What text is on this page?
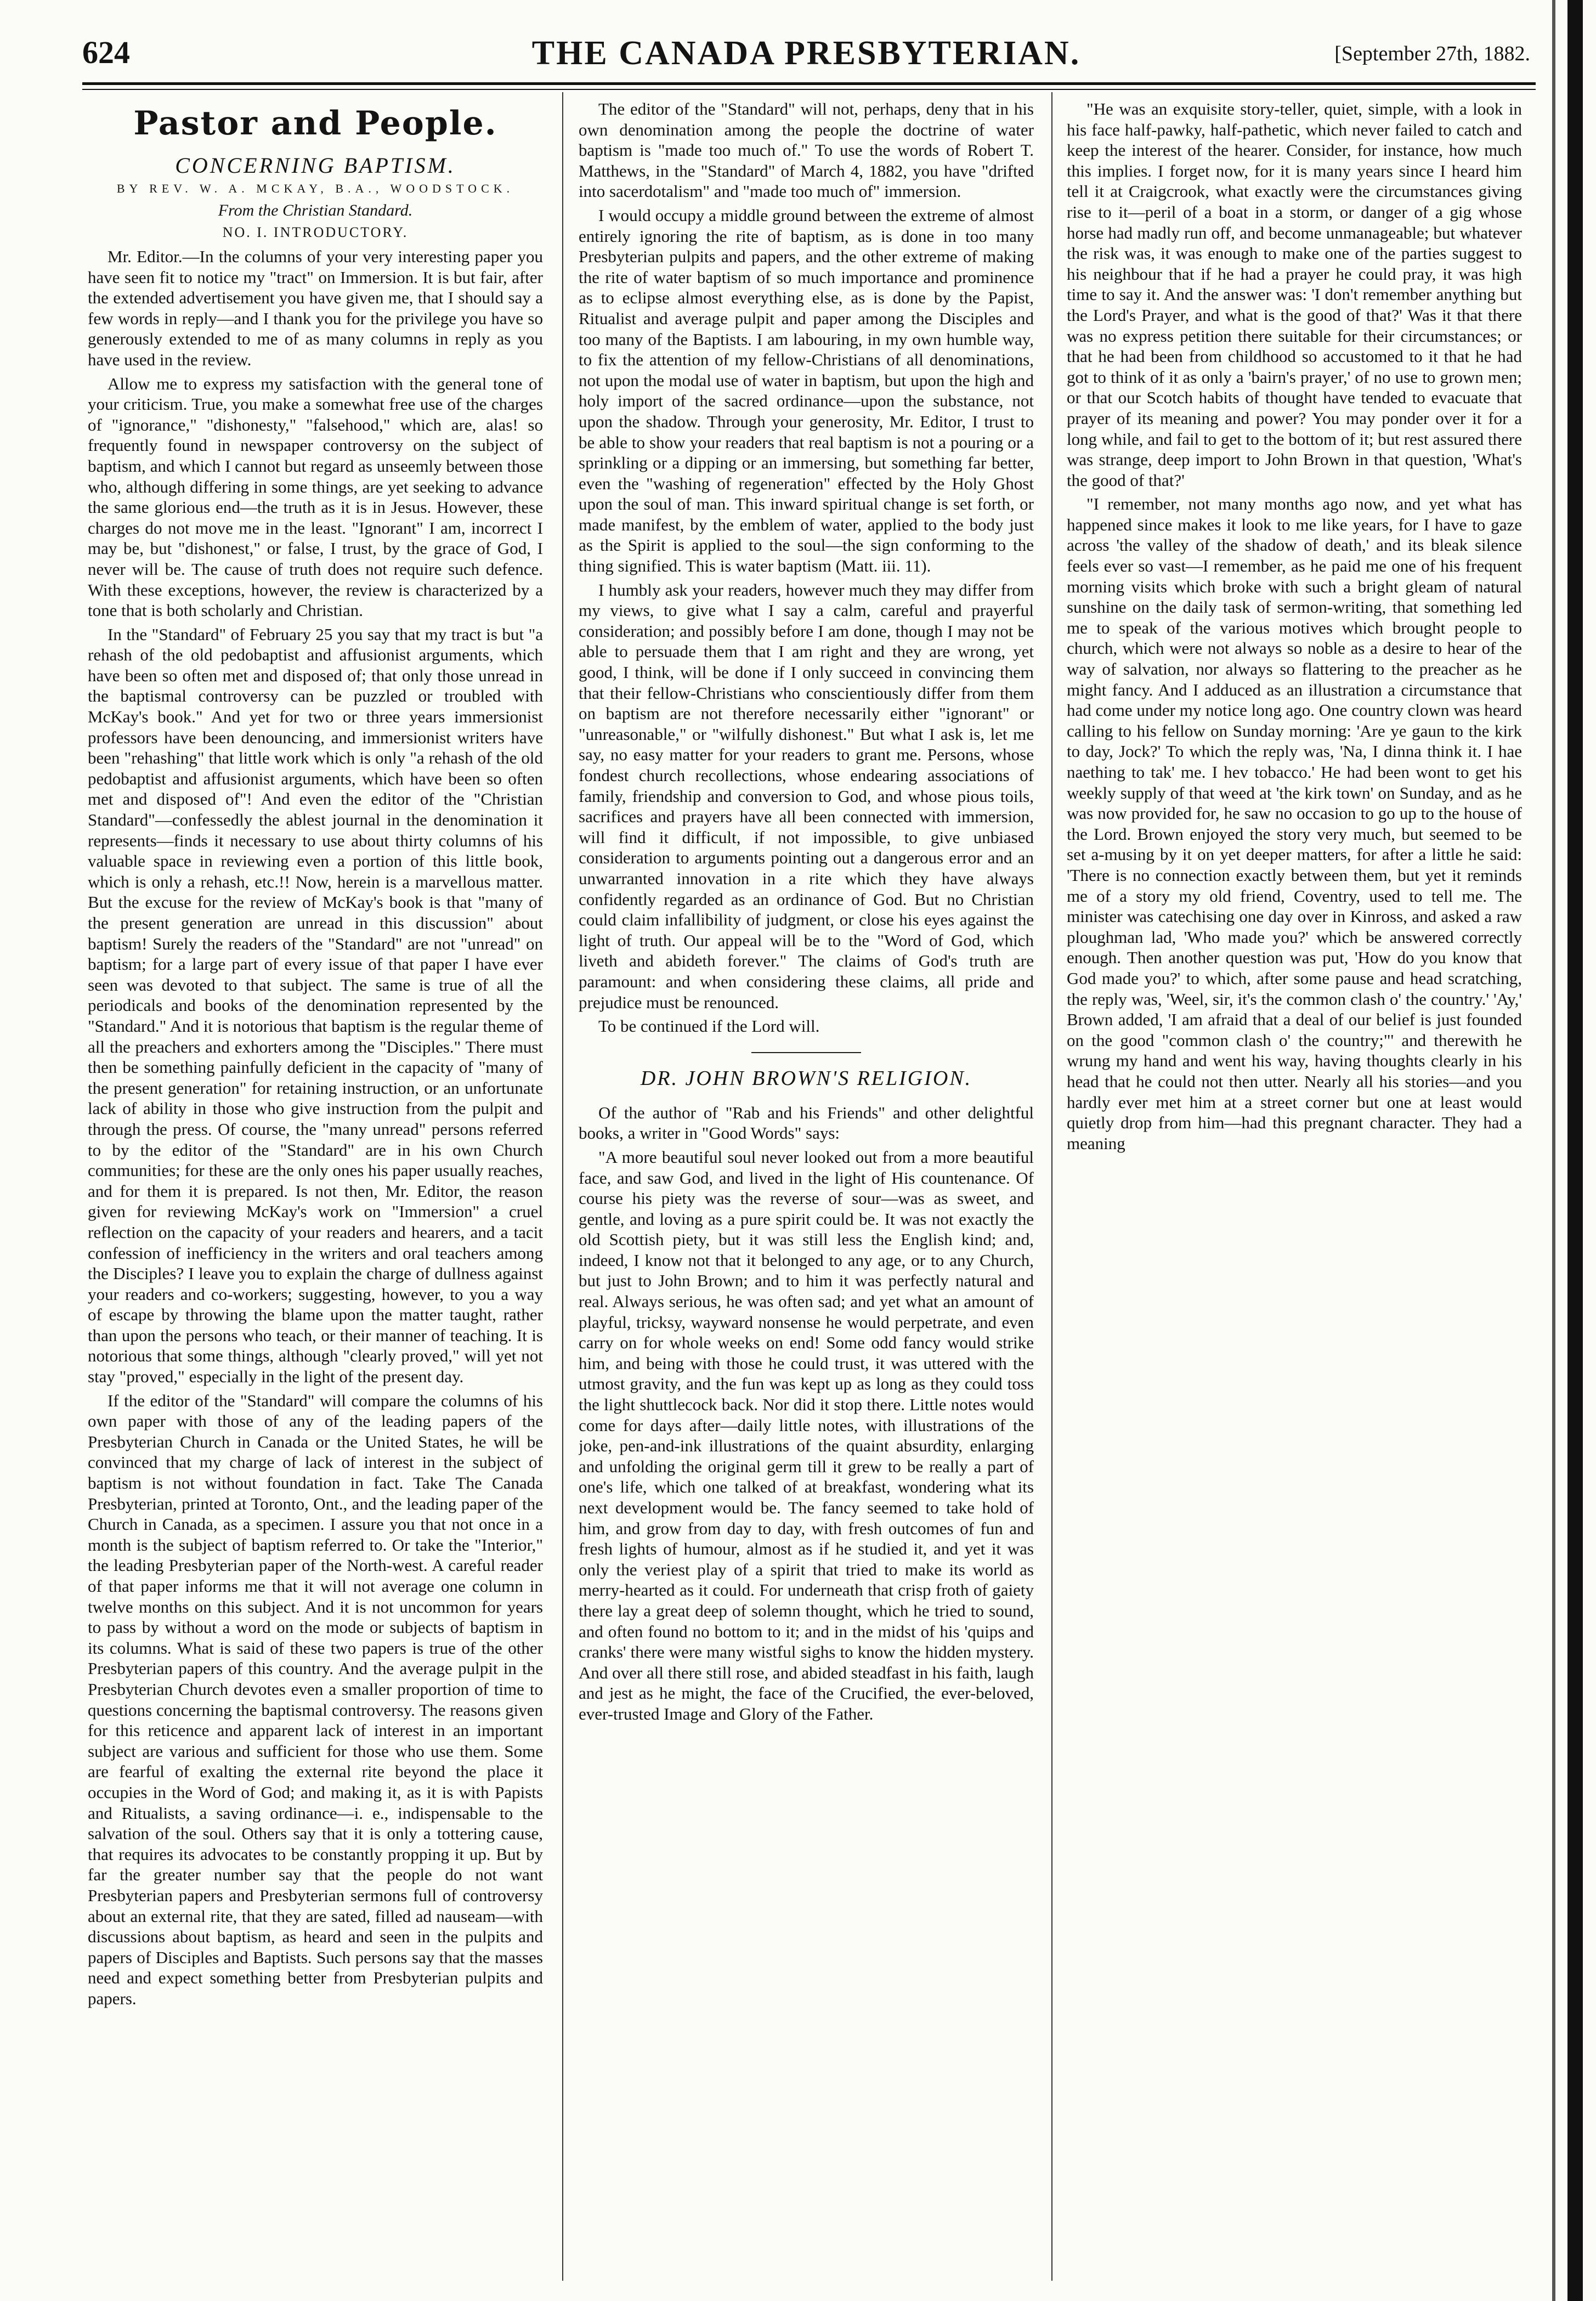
624	THE CANADA PRESBYTERIAN.	[September 27th, 1882.
Pastor and People.
CONCERNING BAPTISM.
BY REV. W. A. MCKAY, B.A., WOODSTOCK.
From the Christian Standard.
NO. I. INTRODUCTORY.

Mr. Editor.—In the columns of your very interesting paper you have seen fit to notice my "tract" on Immersion. It is but fair, after the extended advertisement you have given me, that I should say a few words in reply—and I thank you for the privilege you have so generously extended to me of as many columns in reply as you have used in the review.

Allow me to express my satisfaction with the general tone of your criticism. True, you make a somewhat free use of the charges of "ignorance," "dishonesty," "falsehood," which are, alas! so frequently found in newspaper controversy on the subject of baptism, and which I cannot but regard as unseemly between those who, although differing in some things, are yet seeking to advance the same glorious end—the truth as it is in Jesus. However, these charges do not move me in the least. "Ignorant" I am, incorrect I may be, but "dishonest," or false, I trust, by the grace of God, I never will be. The cause of truth does not require such defence. With these exceptions, however, the review is characterized by a tone that is both scholarly and Christian.

In the "Standard" of February 25 you say that my tract is but "a rehash of the old pedobaptist and affusionist arguments, which have been so often met and disposed of; that only those unread in the baptismal controversy can be puzzled or troubled with McKay's book." And yet for two or three years immersionist professors have been denouncing, and immersionist writers have been "rehashing" that little work which is only "a rehash of the old pedobaptist and affusionist arguments, which have been so often met and disposed of"! And even the editor of the "Christian Standard"—confessedly the ablest journal in the denomination it represents—finds it necessary to use about thirty columns of his valuable space in reviewing even a portion of this little book, which is only a rehash, etc.!! Now, herein is a marvellous matter. But the excuse for the review of McKay's book is that "many of the present generation are unread in this discussion" about baptism! Surely the readers of the "Standard" are not "unread" on baptism; for a large part of every issue of that paper I have ever seen was devoted to that subject. The same is true of all the periodicals and books of the denomination represented by the "Standard." And it is notorious that baptism is the regular theme of all the preachers and exhorters among the "Disciples." There must then be something painfully deficient in the capacity of "many of the present generation" for retaining instruction, or an unfortunate lack of ability in those who give instruction from the pulpit and through the press. Of course, the "many unread" persons referred to by the editor of the "Standard" are in his own Church communities; for these are the only ones his paper usually reaches, and for them it is prepared. Is not then, Mr. Editor, the reason given for reviewing McKay's work on "Immersion" a cruel reflection on the capacity of your readers and hearers, and a tacit confession of inefficiency in the writers and oral teachers among the Disciples? I leave you to explain the charge of dullness against your readers and co-workers; suggesting, however, to you a way of escape by throwing the blame upon the matter taught, rather than upon the persons who teach, or their manner of teaching. It is notorious that some things, although "clearly proved," will yet not stay "proved," especially in the light of the present day.

If the editor of the "Standard" will compare the columns of his own paper with those of any of the leading papers of the Presbyterian Church in Canada or the United States, he will be convinced that my charge of lack of interest in the subject of baptism is not without foundation in fact. Take The Canada Presbyterian, printed at Toronto, Ont., and the leading paper of the Church in Canada, as a specimen. I assure you that not once in a month is the subject of baptism referred to. Or take the "Interior," the leading Presbyterian paper of the North-west. A careful reader of that paper informs me that it will not average one column in twelve months on this subject. And it is not uncommon for years to pass by without a word on the mode or subjects of baptism in its columns. What is said of these two papers is true of the other Presbyterian papers of this country. And the average pulpit in the Presbyterian Church devotes even a smaller proportion of time to questions concerning the baptismal controversy. The reasons given for this reticence and apparent lack of interest in an important subject are various and sufficient for those who use them. Some are fearful of exalting the external rite beyond the place it occupies in the Word of God; and making it, as it is with Papists and Ritualists, a saving ordinance—i. e., indispensable to the salvation of the soul. Others say that it is only a tottering cause, that requires its advocates to be constantly propping it up. But by far the greater number say that the people do not want Presbyterian papers and Presbyterian sermons full of controversy about an external rite, that they are sated, filled ad nauseam—with discussions about baptism, as heard and seen in the pulpits and papers of Disciples and Baptists. Such persons say that the masses need and expect something better from Presbyterian pulpits and papers.

The editor of the "Standard" will not, perhaps, deny that in his own denomination among the people the doctrine of water baptism is "made too much of." To use the words of Robert T. Matthews, in the "Standard" of March 4, 1882, you have "drifted into sacerdotalism" and "made too much of" immersion.

I would occupy a middle ground between the extreme of almost entirely ignoring the rite of baptism, as is done in too many Presbyterian pulpits and papers, and the other extreme of making the rite of water baptism of so much importance and prominence as to eclipse almost everything else, as is done by the Papist, Ritualist and average pulpit and paper among the Disciples and too many of the Baptists. I am labouring, in my own humble way, to fix the attention of my fellow-Christians of all denominations, not upon the modal use of water in baptism, but upon the high and holy import of the sacred ordinance—upon the substance, not upon the shadow. Through your generosity, Mr. Editor, I trust to be able to show your readers that real baptism is not a pouring or a sprinkling or a dipping or an immersing, but something far better, even the "washing of regeneration" effected by the Holy Ghost upon the soul of man. This inward spiritual change is set forth, or made manifest, by the emblem of water, applied to the body just as the Spirit is applied to the soul—the sign conforming to the thing signified. This is water baptism (Matt. iii. 11).

I humbly ask your readers, however much they may differ from my views, to give what I say a calm, careful and prayerful consideration; and possibly before I am done, though I may not be able to persuade them that I am right and they are wrong, yet good, I think, will be done if I only succeed in convincing them that their fellow-Christians who conscientiously differ from them on baptism are not therefore necessarily either "ignorant" or "unreasonable," or "wilfully dishonest." But what I ask is, let me say, no easy matter for your readers to grant me. Persons, whose fondest church recollections, whose endearing associations of family, friendship and conversion to God, and whose pious toils, sacrifices and prayers have all been connected with immersion, will find it difficult, if not impossible, to give unbiased consideration to arguments pointing out a dangerous error and an unwarranted innovation in a rite which they have always confidently regarded as an ordinance of God. But no Christian could claim infallibility of judgment, or close his eyes against the light of truth. Our appeal will be to the "Word of God, which liveth and abideth forever." The claims of God's truth are paramount: and when considering these claims, all pride and prejudice must be renounced.

To be continued if the Lord will.

DR. JOHN BROWN'S RELIGION.

Of the author of "Rab and his Friends" and other delightful books, a writer in "Good Words" says:

"A more beautiful soul never looked out from a more beautiful face, and saw God, and lived in the light of His countenance. Of course his piety was the reverse of sour—was as sweet, and gentle, and loving as a pure spirit could be. It was not exactly the old Scottish piety, but it was still less the English kind; and, indeed, I know not that it belonged to any age, or to any Church, but just to John Brown; and to him it was perfectly natural and real. Always serious, he was often sad; and yet what an amount of playful, tricksy, wayward nonsense he would perpetrate, and even carry on for whole weeks on end! Some odd fancy would strike him, and being with those he could trust, it was uttered with the utmost gravity, and the fun was kept up as long as they could toss the light shuttlecock back. Nor did it stop there. Little notes would come for days after—daily little notes, with illustrations of the joke, pen-and-ink illustrations of the quaint absurdity, enlarging and unfolding the original germ till it grew to be really a part of one's life, which one talked of at breakfast, wondering what its next development would be. The fancy seemed to take hold of him, and grow from day to day, with fresh outcomes of fun and fresh lights of humour, almost as if he studied it, and yet it was only the veriest play of a spirit that tried to make its world as merry-hearted as it could. For underneath that crisp froth of gaiety there lay a great deep of solemn thought, which he tried to sound, and often found no bottom to it; and in the midst of his 'quips and cranks' there were many wistful sighs to know the hidden mystery. And over all there still rose, and abided steadfast in his faith, laugh and jest as he might, the face of the Crucified, the ever-beloved, ever-trusted Image and Glory of the Father.

"He was an exquisite story-teller, quiet, simple, with a look in his face half-pawky, half-pathetic, which never failed to catch and keep the interest of the hearer. Consider, for instance, how much this implies. I forget now, for it is many years since I heard him tell it at Craigcrook, what exactly were the circumstances giving rise to it—peril of a boat in a storm, or danger of a gig whose horse had madly run off, and become unmanageable; but whatever the risk was, it was enough to make one of the parties suggest to his neighbour that if he had a prayer he could pray, it was high time to say it. And the answer was: 'I don't remember anything but the Lord's Prayer, and what is the good of that?' Was it that there was no express petition there suitable for their circumstances; or that he had been from childhood so accustomed to it that he had got to think of it as only a 'bairn's prayer,' of no use to grown men; or that our Scotch habits of thought have tended to evacuate that prayer of its meaning and power? You may ponder over it for a long while, and fail to get to the bottom of it; but rest assured there was strange, deep import to John Brown in that question, 'What's the good of that?'

"I remember, not many months ago now, and yet what has happened since makes it look to me like years, for I have to gaze across 'the valley of the shadow of death,' and its bleak silence feels ever so vast—I remember, as he paid me one of his frequent morning visits which broke with such a bright gleam of natural sunshine on the daily task of sermon-writing, that something led me to speak of the various motives which brought people to church, which were not always so noble as a desire to hear of the way of salvation, nor always so flattering to the preacher as he might fancy. And I adduced as an illustration a circumstance that had come under my notice long ago. One country clown was heard calling to his fellow on Sunday morning: 'Are ye gaun to the kirk to day, Jock?' To which the reply was, 'Na, I dinna think it. I hae naething to tak' me. I hev tobacco.' He had been wont to get his weekly supply of that weed at 'the kirk town' on Sunday, and as he was now provided for, he saw no occasion to go up to the house of the Lord. Brown enjoyed the story very much, but seemed to be set a-musing by it on yet deeper matters, for after a little he said: 'There is no connection exactly between them, but yet it reminds me of a story my old friend, Coventry, used to tell me. The minister was catechising one day over in Kinross, and asked a raw ploughman lad, 'Who made you?' which be answered correctly enough. Then another question was put, 'How do you know that God made you?' to which, after some pause and head scratching, the reply was, 'Weel, sir, it's the common clash o' the country.' 'Ay,' Brown added, 'I am afraid that a deal of our belief is just founded on the good "common clash o' the country;"' and therewith he wrung my hand and went his way, having thoughts clearly in his head that he could not then utter. Nearly all his stories—and you hardly ever met him at a street corner but one at least would quietly drop from him—had this pregnant character. They had a meaning
